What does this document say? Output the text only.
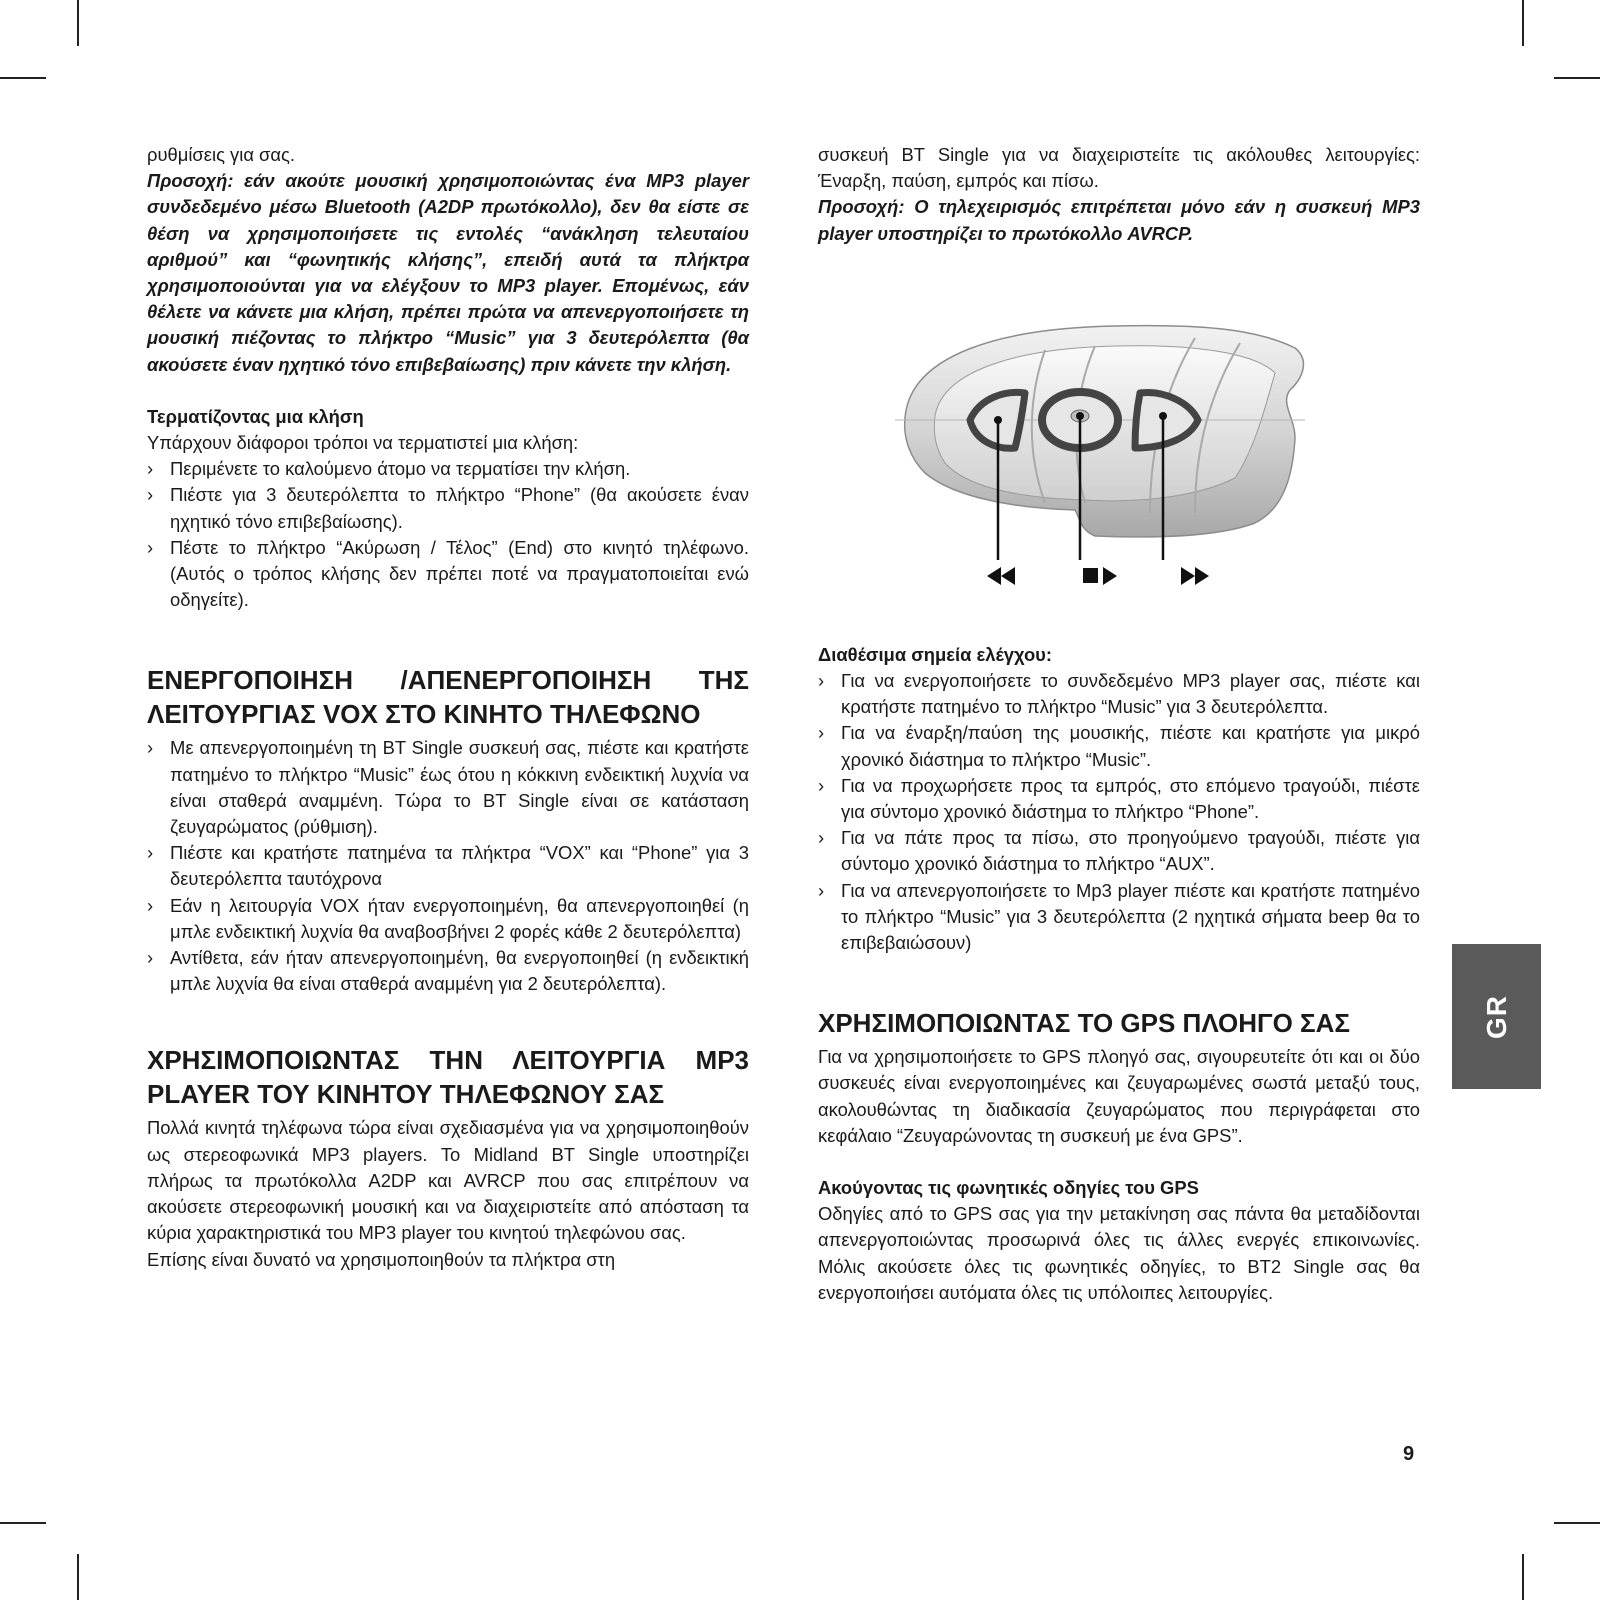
ρυθμίσεις για σας.

Προσοχή: εάν ακούτε μουσική χρησιμοποιώντας ένα MP3 player συνδεδεμένο μέσω Bluetooth (A2DP πρωτόκολλο), δεν θα είστε σε θέση να χρησιμοποιήσετε τις εντολές “ανάκληση τελευταίου αριθμού” και “φωνητικής κλήσης”, επειδή αυτά τα πλήκτρα χρησιμοποιούνται για να ελέγξουν το MP3 player. Επομένως, εάν θέλετε να κάνετε μια κλήση, πρέπει πρώτα να απενεργοποιήσετε τη μουσική πιέζοντας το πλήκτρο “Music” για 3 δευτερόλεπτα (θα ακούσετε έναν ηχητικό τόνο επιβεβαίωσης) πριν κάνετε την κλήση.

Τερματίζοντας μια κλήση

Υπάρχουν διάφοροι τρόποι να τερματιστεί μια κλήση:

› Περιμένετε το καλούμενο άτομο να τερματίσει την κλήση.
› Πιέστε για 3 δευτερόλεπτα το πλήκτρο “Phone” (θα ακούσετε έναν ηχητικό τόνο επιβεβαίωσης).
› Πέστε το πλήκτρο “Ακύρωση / Τέλος” (End) στο κινητό τηλέφωνο. (Αυτός ο τρόπος κλήσης δεν πρέπει ποτέ να πραγματοποιείται ενώ οδηγείτε).
ΕΝΕΡΓΟΠΟΙΗΣΗ /ΑΠΕΝΕΡΓΟΠΟΙΗΣΗ ΤΗΣ ΛΕΙΤΟΥΡΓΙΑΣ VOX ΣΤΟ ΚΙΝΗΤΟ ΤΗΛΕΦΩΝΟ
› Με απενεργοποιημένη τη BT Single συσκευή σας, πιέστε και κρατήστε πατημένο το πλήκτρο “Music” έως ότου η κόκκινη ενδεικτική λυχνία να είναι σταθερά αναμμένη. Τώρα το BT Single είναι σε κατάσταση ζευγαρώματος (ρύθμιση).
› Πιέστε και κρατήστε πατημένα τα πλήκτρα “VOX” και “Phone” για 3 δευτερόλεπτα ταυτόχρονα
› Εάν η λειτουργία VOX ήταν ενεργοποιημένη, θα απενεργοποιηθεί (η μπλε ενδεικτική λυχνία θα αναβοσβήνει 2 φορές κάθε 2 δευτερόλεπτα)
› Αντίθετα, εάν ήταν απενεργοποιημένη, θα ενεργοποιηθεί (η ενδεικτική μπλε λυχνία θα είναι σταθερά αναμμένη για 2 δευτερόλεπτα).
ΧΡΗΣΙΜΟΠΟΙΩΝΤΑΣ ΤΗΝ ΛΕΙΤΟΥΡΓΙΑ MP3 PLAYER ΤΟΥ ΚΙΝΗΤΟΥ ΤΗΛΕΦΩΝΟΥ ΣΑΣ

Πολλά κινητά τηλέφωνα τώρα είναι σχεδιασμένα για να χρησιμοποιηθούν ως στερεοφωνικά MP3 players. Το Midland BT Single υποστηρίζει πλήρως τα πρωτόκολλα A2DP και AVRCP που σας επιτρέπουν να ακούσετε στερεοφωνική μουσική και να διαχειριστείτε από απόσταση τα κύρια χαρακτηριστικά του MP3 player του κινητού τηλεφώνου σας.

Επίσης είναι δυνατό να χρησιμοποιηθούν τα πλήκτρα στη

συσκευή BT Single για να διαχειριστείτε τις ακόλουθες λειτουργίες: Έναρξη, παύση, εμπρός και πίσω.

Προσοχή: Ο τηλεχειρισμός επιτρέπεται μόνο εάν η συσκευή MP3 player υποστηρίζει το πρωτόκολλο AVRCP.

Διαθέσιμα σημεία ελέγχου:

› Για να ενεργοποιήσετε το συνδεδεμένο MP3 player σας, πιέστε και κρατήστε πατημένο το πλήκτρο “Music” για 3 δευτερόλεπτα.
› Για να έναρξη/παύση της μουσικής, πιέστε και κρατήστε για μικρό χρονικό διάστημα το πλήκτρο “Music”.
› Για να προχωρήσετε προς τα εμπρός, στο επόμενο τραγούδι, πιέστε για σύντομο χρονικό διάστημα το πλήκτρο “Phone”.
› Για να πάτε προς τα πίσω, στο προηγούμενο τραγούδι, πιέστε για σύντομο χρονικό διάστημα το πλήκτρο “AUX”.
› Για να απενεργοποιήσετε το Mp3 player πιέστε και κρατήστε πατημένο το πλήκτρο “Music” για 3 δευτερόλεπτα (2 ηχητικά σήματα beep θα το επιβεβαιώσουν)
ΧΡΗΣΙΜΟΠΟΙΩΝΤΑΣ ΤΟ GPS ΠΛΟΗΓΟ ΣΑΣ

Για να χρησιμοποιήσετε το GPS πλοηγό σας, σιγουρευτείτε ότι και οι δύο συσκευές είναι ενεργοποιημένες και ζευγαρωμένες σωστά μεταξύ τους, ακολουθώντας τη διαδικασία ζευγαρώματος που περιγράφεται στο κεφάλαιο “Ζευγαρώνοντας τη συσκευή με ένα GPS”.

Ακούγοντας τις φωνητικές οδηγίες του GPS

Οδηγίες από το GPS σας για την μετακίνηση σας πάντα θα μεταδίδονται απενεργοποιώντας προσωρινά όλες τις άλλες ενεργές επικοινωνίες. Μόλις ακούσετε όλες τις φωνητικές οδηγίες, το BT2 Single σας θα ενεργοποιήσει αυτόματα όλες τις υπόλοιπες λειτουργίες.

GR
9
